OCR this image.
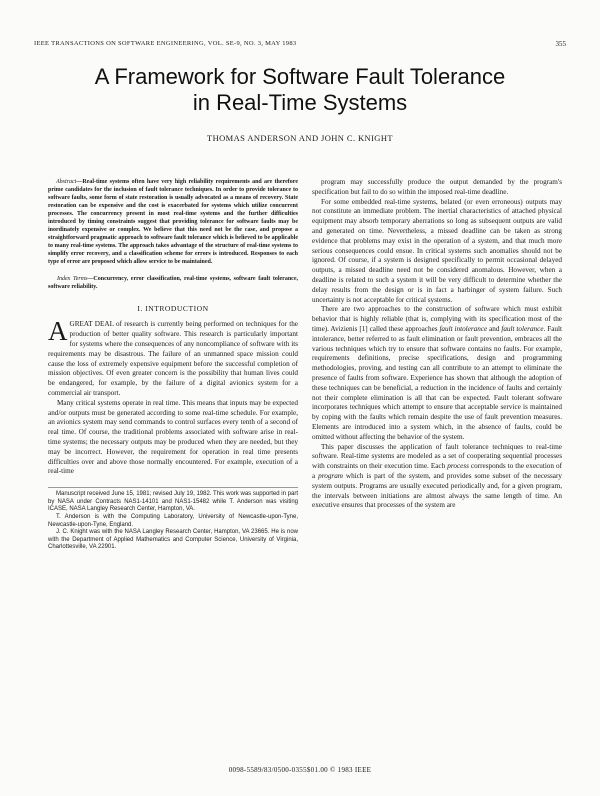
IEEE TRANSACTIONS ON SOFTWARE ENGINEERING, VOL. SE-9, NO. 3, MAY 1983	355
A Framework for Software Fault Tolerance
in Real-Time Systems
THOMAS ANDERSON AND JOHN C. KNIGHT

Abstract—Real-time systems often have very high reliability requirements and are therefore prime candidates for the inclusion of fault tolerance techniques. In order to provide tolerance to software faults, some form of state restoration is usually advocated as a means of recovery. State restoration can be expensive and the cost is exacerbated for systems which utilize concurrent processes. The concurrency present in most real-time systems and the further difficulties introduced by timing constraints suggest that providing tolerance for software faults may be inordinately expensive or complex. We believe that this need not be the case, and propose a straightforward pragmatic approach to software fault tolerance which is believed to be applicable to many real-time systems. The approach takes advantage of the structure of real-time systems to simplify error recovery, and a classification scheme for errors is introduced. Responses to each type of error are proposed which allow service to be maintained.

Index Terms—Concurrency, error classification, real-time systems, software fault tolerance, software reliability.

I. INTRODUCTION

A GREAT DEAL of research is currently being performed on techniques for the production of better quality software. This research is particularly important for systems where the consequences of any noncompliance of software with its requirements may be disastrous. The failure of an unmanned space mission could cause the loss of extremely expensive equipment before the successful completion of mission objectives. Of even greater concern is the possibility that human lives could be endangered, for example, by the failure of a digital avionics system for a commercial air transport.

Many critical systems operate in real time. This means that inputs may be expected and/or outputs must be generated according to some real-time schedule. For example, an avionics system may send commands to control surfaces every tenth of a second of real time. Of course, the traditional problems associated with software arise in real-time systems; the necessary outputs may be produced when they are needed, but they may be incorrect. However, the requirement for operation in real time presents difficulties over and above those normally encountered. For example, execution of a real-time

Manuscript received June 15, 1981; revised July 19, 1982. This work was supported in part by NASA under Contracts NAS1-14101 and NAS1-15482 while T. Anderson was visiting ICASE, NASA Langley Research Center, Hampton, VA.

T. Anderson is with the Computing Laboratory, University of Newcastle-upon-Tyne, Newcastle-upon-Tyne, England.

J. C. Knight was with the NASA Langley Research Center, Hampton, VA 23665. He is now with the Department of Applied Mathematics and Computer Science, University of Virginia, Charlottesville, VA 22901.

program may successfully produce the output demanded by the program's specification but fail to do so within the imposed real-time deadline.

For some embedded real-time systems, belated (or even erroneous) outputs may not constitute an immediate problem. The inertial characteristics of attached physical equipment may absorb temporary aberrations so long as subsequent outputs are valid and generated on time. Nevertheless, a missed deadline can be taken as strong evidence that problems may exist in the operation of a system, and that much more serious consequences could ensue. In critical systems such anomalies should not be ignored. Of course, if a system is designed specifically to permit occasional delayed outputs, a missed deadline need not be considered anomalous. However, when a deadline is related to such a system it will be very difficult to determine whether the delay results from the design or is in fact a harbinger of system failure. Such uncertainty is not acceptable for critical systems.

There are two approaches to the construction of software which must exhibit behavior that is highly reliable (that is, complying with its specification most of the time). Avizienis [1] called these approaches fault intolerance and fault tolerance. Fault intolerance, better referred to as fault elimination or fault prevention, embraces all the various techniques which try to ensure that software contains no faults. For example, requirements definitions, precise specifications, design and programming methodologies, proving, and testing can all contribute to an attempt to eliminate the presence of faults from software. Experience has shown that although the adoption of these techniques can be beneficial, a reduction in the incidence of faults and certainly not their complete elimination is all that can be expected. Fault tolerant software incorporates techniques which attempt to ensure that acceptable service is maintained by coping with the faults which remain despite the use of fault prevention measures. Elements are introduced into a system which, in the absence of faults, could be omitted without affecting the behavior of the system.

This paper discusses the application of fault tolerance techniques to real-time software. Real-time systems are modeled as a set of cooperating sequential processes with constraints on their execution time. Each process corresponds to the execution of a program which is part of the system, and provides some subset of the necessary system outputs. Programs are usually executed periodically and, for a given program, the intervals between initiations are almost always the same length of time. An executive ensures that processes of the system are

0098-5589/83/0500-0355$01.00 © 1983 IEEE
